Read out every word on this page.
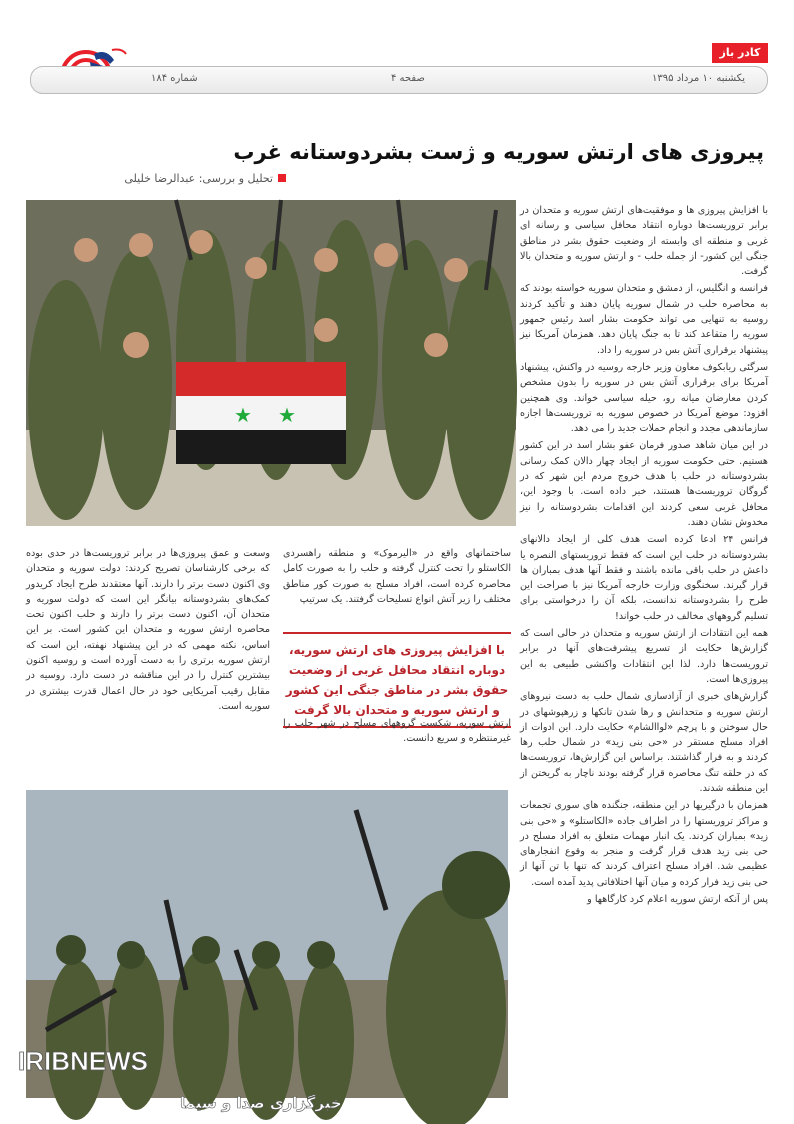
کادر باز
یکشنبه ۱۰ مرداد ۱۳۹۵
صفحه ۴
شماره ۱۸۴
پیروزی های ارتش سوریه و ژست بشردوستانه غرب
تحلیل و بررسی: عبدالرضا خلیلی
★ ★

با افزایش پیروزی ها و موفقیت‌های ارتش سوریه و متحدان در برابر تروریست‌ها دوباره انتقاد محافل سیاسی و رسانه ای غربی و منطقه ای وابسته از وضعیت حقوق بشر در مناطق جنگی این کشور- از جمله حلب - و ارتش سوریه و متحدان بالا گرفت.

فرانسه و انگلیس، از دمشق و متحدان سوریه خواسته بودند که به محاصره حلب در شمال سوریه پایان دهند و تأکید کردند روسیه به تنهایی می تواند حکومت بشار اسد رئیس جمهور سوریه را متقاعد کند تا به جنگ پایان دهد. همزمان آمریکا نیز پیشنهاد برقراری آتش بس در سوریه را داد.

سرگئی ریابکوف معاون وزیر خارجه روسیه در واکنش، پیشنهاد آمریکا برای برقراری آتش بس در سوریه را بدون مشخص کردن معارضان میانه رو، حیله سیاسی خواند. وی همچنین افزود: موضع آمریکا در خصوص سوریه به تروریست‌ها اجازه سازماندهی مجدد و انجام حملات جدید را می دهد.

در این میان شاهد صدور فرمان عفو بشار اسد در این کشور هستیم. حتی حکومت سوریه از ایجاد چهار دالان کمک رسانی بشردوستانه در حلب با هدف خروج مردم این شهر که در گروگان تروریست‌ها هستند، خبر داده است. با وجود این، محافل غربی سعی کردند این اقدامات بشردوستانه را نیز مخدوش نشان دهند.

فرانس ۲۴ ادعا کرده است هدف کلی از ایجاد دالانهای بشردوستانه در حلب این است که فقط تروریستهای النصره یا داعش در حلب باقی مانده باشند و فقط آنها هدف بمباران ها قرار گیرند. سخنگوی وزارت خارجه آمریکا نیز با صراحت این طرح را بشردوستانه ندانست، بلکه آن را درخواستی برای تسلیم گروههای مخالف در حلب خواند!

همه این انتقادات از ارتش سوریه و متحدان در حالی است که گزارش‌ها حکایت از تسریع پیشرفت‌های آنها در برابر تروریست‌ها دارد. لذا این انتقادات واکنشی طبیعی به این پیروزی‌ها است.

گزارش‌های خبری از آزادسازی شمال حلب به دست نیروهای ارتش سوریه و متحدانش و رها شدن تانکها و زرهپوشهای در حال سوختن و با پرچم «لواالشام» حکایت دارد. این ادوات از افراد مسلح مستقر در «حی بنی زید» در شمال حلب رها کردند و به فرار گذاشتند. براساس این گزارش‌ها، تروریست‌ها که در حلقه تنگ محاصره قرار گرفته بودند ناچار به گریختن از این منطقه شدند.

همزمان با درگیریها در این منطقه، جنگنده های سوری تجمعات و مراکز تروریستها را در اطراف جاده «الکاستلو» و «حی بنی زید» بمباران کردند. یک انبار مهمات متعلق به افراد مسلح در حی بنی زید هدف قرار گرفت و منجر به وقوع انفجارهای عظیمی شد. افراد مسلح اعتراف کردند که تنها با تن آنها از حی بنی زید فرار کرده و میان آنها اختلافاتی پدید آمده است.

پس از آنکه ارتش سوریه اعلام کرد کارگاهها و

ساختمانهای واقع در «الیرموک» و منطقه راهسردی الکاستلو را تحت کنترل گرفته و حلب را به صورت کامل محاصره کرده است، افراد مسلح به صورت کور مناطق مختلف را زیر آتش انواع تسلیحات گرفتند. یک سرتیپ

با افزایش پیروزی های ارتش سوریه، دوباره انتقاد محافل غربی از وضعیت حقوق بشر در مناطق جنگی این کشور و ارتش سوریه و متحدان بالا گرفت

ارتش سوریه، شکست گروههای مسلح در شهر حلب را غیرمنتظره و سریع دانست.

وسعت و عمق پیروزی‌ها در برابر تروریست‌ها در حدی بوده که برخی کارشناسان تصریح کردند: دولت سوریه و متحدان وی اکنون دست برتر را دارند. آنها معتقدند طرح ایجاد کریدور کمک‌های بشردوستانه بیانگر این است که دولت سوریه و متحدان آن، اکنون دست برتر را دارند و حلب اکنون تحت محاصره ارتش سوریه و متحدان این کشور است. بر این اساس، نکته مهمی که در این پیشنهاد نهفته، این است که ارتش سوریه برتری را به دست آورده است و روسیه اکنون بیشترین کنترل را در این مناقشه در دست دارد. روسیه در مقابل رقیب آمریکایی خود در حال اعمال قدرت بیشتری در سوریه است.

IRIBNEWS
خبرگزاری صدا و سیما
